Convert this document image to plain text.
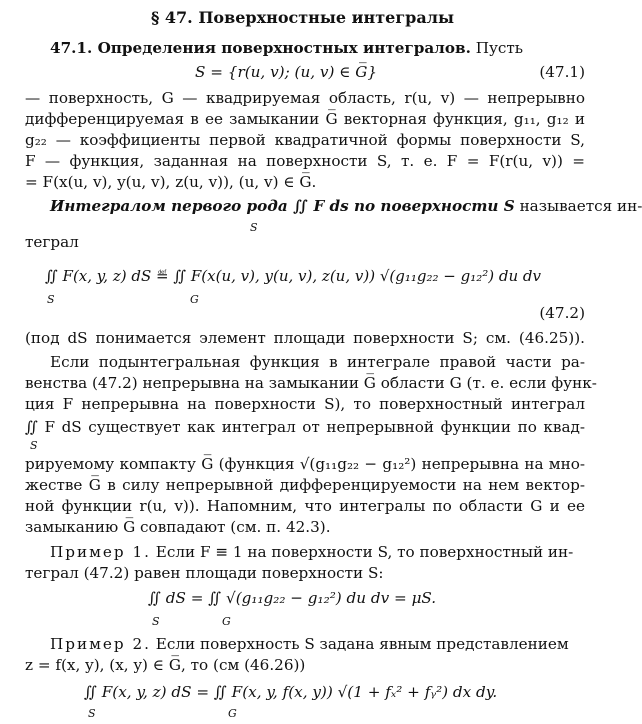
§ 47. Поверхностные интегралы
47.1. Определения поверхностных интегралов. Пусть
S = {r(u, v); (u, v) ∈ G̅}	(47.1)
— поверхность, G — квадрируемая область, r(u, v) — непрерывно
дифференцируемая в ее замыкании G̅ векторная функция, g₁₁, g₁₂ и
g₂₂ — коэффициенты первой квадратичной формы поверхности S,
F — функция, заданная на поверхности S, т. е. F = F(r(u, v)) =
= F(x(u, v), y(u, v), z(u, v)), (u, v) ∈ G̅.
Интегралом первого рода ∬ F ds по поверхности S называется ин-
S
теграл
∬ F(x, y, z) dS ≝ ∬ F(x(u, v), y(u, v), z(u, v)) √(g₁₁g₂₂ − g₁₂²) du dv
S	G
(47.2)
(под dS понимается элемент площади поверхности S; см. (46.25)).
Если подынтегральная функция в интеграле правой части ра-
венства (47.2) непрерывна на замыкании G̅ области G (т. е. если функ-
ция F непрерывна на поверхности S), то поверхностный интеграл
∬ F dS существует как интеграл от непрерывной функции по квад-
S
рируемому компакту G̅ (функция √(g₁₁g₂₂ − g₁₂²) непрерывна на мно-
жестве G̅ в силу непрерывной дифференцируемости на нем вектор-
ной функции r(u, v)). Напомним, что интегралы по области G и ее
замыканию G̅ совпадают (см. п. 42.3).
Пример 1. Если F ≡ 1 на поверхности S, то поверхностный ин-
теграл (47.2) равен площади поверхности S:
∬ dS = ∬ √(g₁₁g₂₂ − g₁₂²) du dv = μS.
S	G
Пример 2. Если поверхность S задана явным представлением
z = f(x, y), (x, y) ∈ G̅, то (см (46.26))
∬ F(x, y, z) dS = ∬ F(x, y, f(x, y)) √(1 + fₓ² + fᵧ²) dx dy.
S	G
